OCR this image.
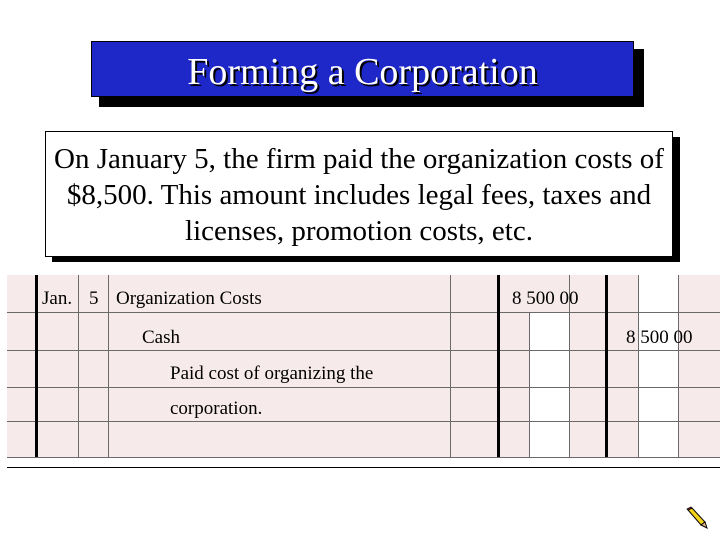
Forming a Corporation
On January 5, the firm paid the organization costs of $8,500. This amount includes legal fees, taxes and licenses, promotion costs, etc.
Jan. 5 Organization Costs	8 500 00
Cash	8 500 00
Paid cost of organizing the
corporation.
